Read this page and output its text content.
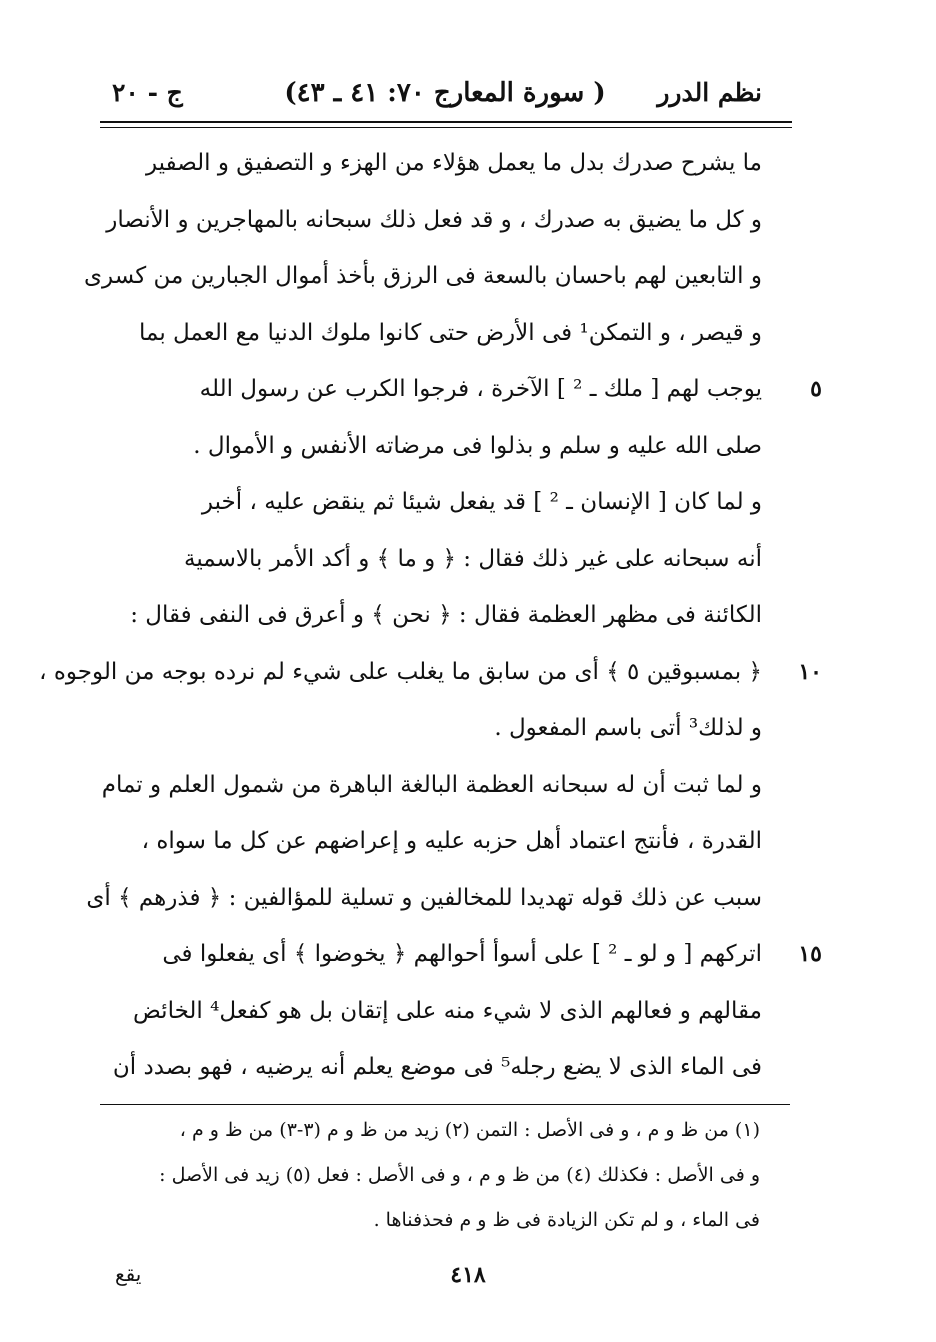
نظم الدرر
( سورة المعارج ٧٠: ٤١ ـ ٤٣)
ج - ٢٠
ما يشرح صدرك بدل ما يعمل هؤلاء من الهزء و التصفيق و الصفير
و كل ما يضيق به صدرك ، و قد فعل ذلك سبحانه بالمهاجرين و الأنصار
و التابعين لهم باحسان بالسعة فى الرزق بأخذ أموال الجبارين من كسرى
و قيصر ، و التمكن¹ فى الأرض حتى كانوا ملوك الدنيا مع العمل بما
٥
يوجب لهم [ ملك ـ ² ] الآخرة ، فرجوا الكرب عن رسول الله
صلى الله عليه و سلم و بذلوا فى مرضاته الأنفس و الأموال .
و لما كان [ الإنسان ـ ² ] قد يفعل شيئا ثم ينقض عليه ، أخبر
أنه سبحانه على غير ذلك فقال : ﴿ و ما ﴾ و أكد الأمر بالاسمية
الكائنة فى مظهر العظمة فقال : ﴿ نحن ﴾ و أعرق فى النفى فقال :
١٠
﴿ بمسبوقين ٥ ﴾ أى من سابق ما يغلب على شيء لم نرده بوجه من الوجوه ،
و لذلك³ أتى باسم المفعول .
و لما ثبت أن له سبحانه العظمة البالغة الباهرة من شمول العلم و تمام
القدرة ، فأنتج اعتماد أهل حزبه عليه و إعراضهم عن كل ما سواه ،
سبب عن ذلك قوله تهديدا للمخالفين و تسلية للمؤالفين : ﴿ فذرهم ﴾ أى
١٥
اتركهم [ و لو ـ ² ] على أسوأ أحوالهم ﴿ يخوضوا ﴾ أى يفعلوا فى
مقالهم و فعالهم الذى لا شيء منه على إتقان بل هو كفعل⁴ الخائض
فى الماء الذى لا يضع رجله⁵ فى موضع يعلم أنه يرضيه ، فهو بصدد أن
(١) من ظ و م ، و فى الأصل : التمن (٢) زيد من ظ و م (٣-٣) من ظ و م ،
و فى الأصل : فكذلك (٤) من ظ و م ، و فى الأصل : فعل (٥) زيد فى الأصل :
فى الماء ، و لم تكن الزيادة فى ظ و م فحذفناها .
٤١٨
يقع
